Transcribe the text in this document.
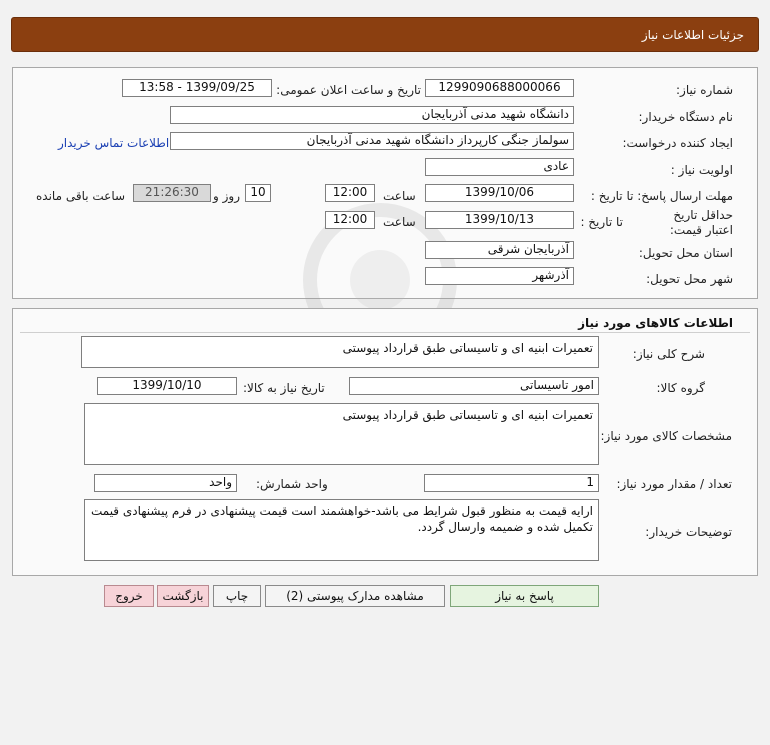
جزئیات اطلاعات نیاز
شماره نیاز:
1299090688000066
تاریخ و ساعت اعلان عمومی:
1399/09/25 - 13:58
نام دستگاه خریدار:
دانشگاه شهید مدنی آذربایجان
ایجاد کننده درخواست:
سولماز جنگی کارپرداز دانشگاه شهید مدنی آذربایجان
اطلاعات تماس خریدار
اولویت نیاز :
عادی
مهلت ارسال پاسخ: تا تاریخ :
1399/10/06
ساعت
12:00
10
روز و
21:26:30
ساعت باقی مانده
حداقل تاریخ اعتبار قیمت:
تا تاریخ :
1399/10/13
ساعت
12:00
استان محل تحویل:
آذربایجان شرقی
شهر محل تحویل:
آذرشهر
اطلاعات کالاهای مورد نیاز
شرح کلی نیاز:
تعمیرات ابنیه ای و تاسیساتی طبق قرارداد پیوستی
گروه کالا:
امور تاسیساتی
تاریخ نیاز به کالا:
1399/10/10
مشخصات کالای مورد نیاز:
تعمیرات ابنیه ای و تاسیساتی طبق قرارداد پیوستی
تعداد / مقدار مورد نیاز:
1
واحد شمارش:
واحد
توضیحات خریدار:
ارایه قیمت به منظور قبول شرایط می باشد-خواهشمند است قیمت پیشنهادی در فرم پیشنهادی قیمت تکمیل شده و ضمیمه وارسال گردد.
پاسخ به نیاز
مشاهده مدارک پیوستی (2)
چاپ
بازگشت
خروج
